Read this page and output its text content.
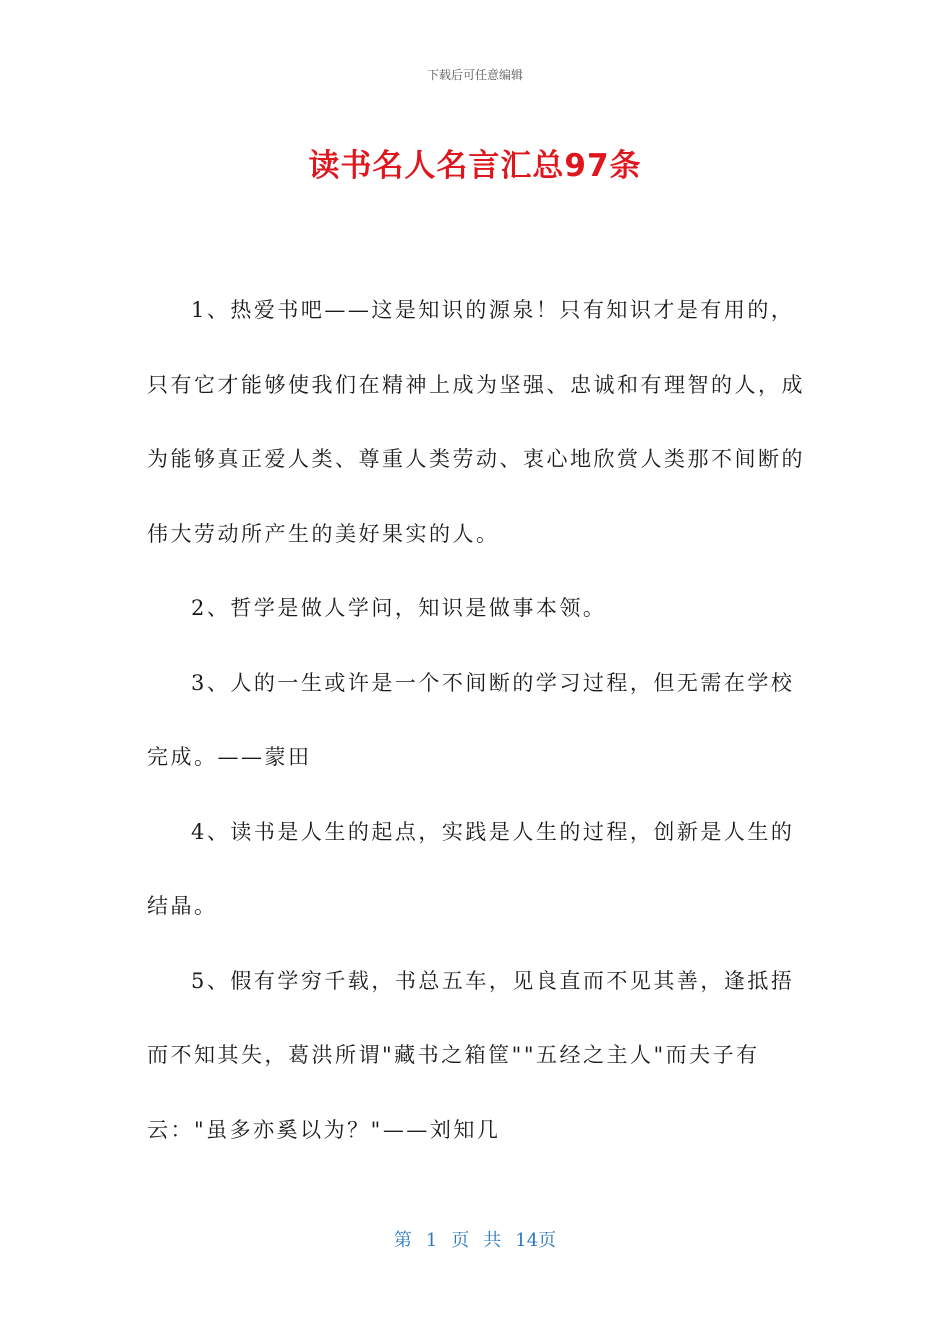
下载后可任意编辑
读书名人名言汇总97条

1、热爱书吧——这是知识的源泉！只有知识才是有用的，只有它才能够使我们在精神上成为坚强、忠诚和有理智的人，成为能够真正爱人类、尊重人类劳动、衷心地欣赏人类那不间断的伟大劳动所产生的美好果实的人。

2、哲学是做人学问，知识是做事本领。

3、人的一生或许是一个不间断的学习过程，但无需在学校完成。——蒙田

4、读书是人生的起点，实践是人生的过程，创新是人生的结晶。

5、假有学穷千载，书总五车，见良直而不见其善，逢抵捂而不知其失，葛洪所谓"藏书之箱筐""五经之主人"而夫子有云："虽多亦奚以为？"——刘知几

第 1 页 共 14页
